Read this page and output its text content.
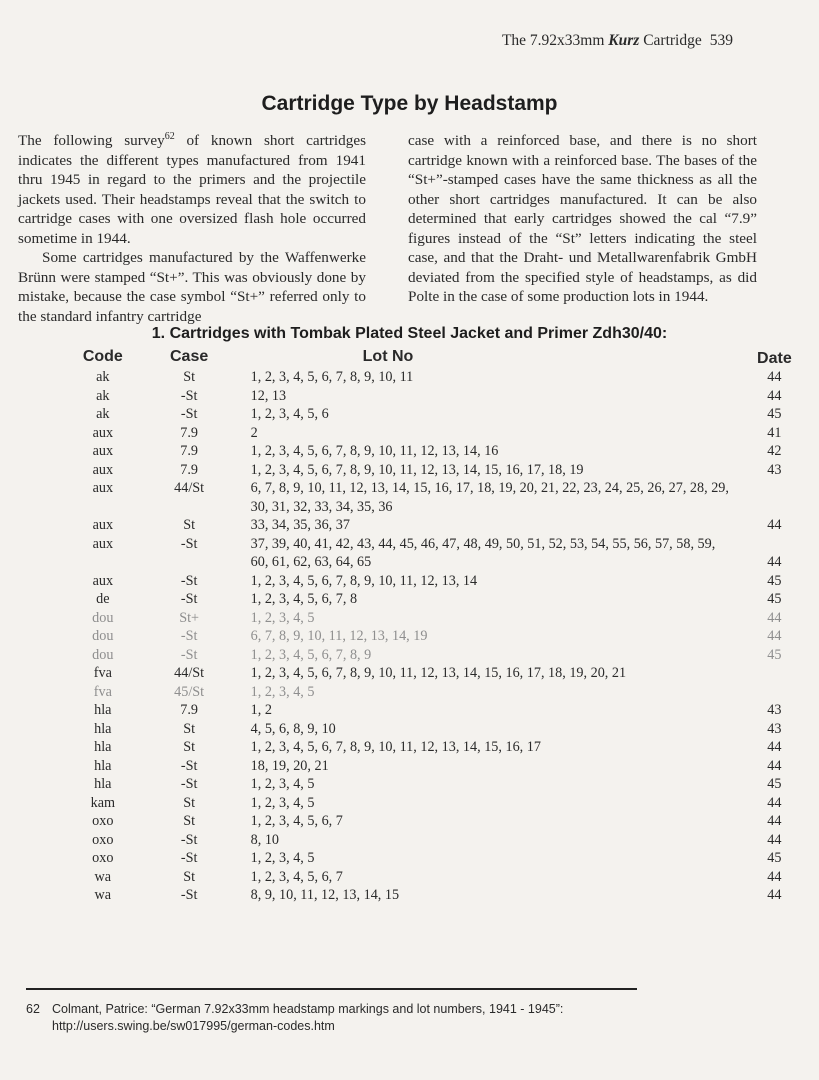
The 7.92x33mm Kurz Cartridge 539
Cartridge Type by Headstamp

The following survey$^{62}$ of known short cartridges indicates the different types manufactured from 1941 thru 1945 in regard to the primers and the projectile jackets used. Their headstamps reveal that the switch to cartridge cases with one oversized flash hole occurred sometime in 1944.

Some cartridges manufactured by the Waffenwerke Brünn were stamped “St+”. This was obviously done by mistake, because the case symbol “St+” referred only to the standard infantry cartridge

case with a reinforced base, and there is no short cartridge known with a reinforced base. The bases of the “St+”-stamped cases have the same thickness as all the other short cartridges manufactured. It can be also determined that early cartridges showed the cal “7.9” figures instead of the “St” letters indicating the steel case, and that the Draht- und Metallwarenfabrik GmbH deviated from the specified style of headstamps, as did Polte in the case of some production lots in 1944.

1. Cartridges with Tombak Plated Steel Jacket and Primer Zdh30/40:
Code	Case	Lot No	Date
ak	St	1, 2, 3, 4, 5, 6, 7, 8, 9, 10, 11	44
ak	-St	12, 13	44
ak	-St	1, 2, 3, 4, 5, 6	45
aux	7.9	2	41
aux	7.9	1, 2, 3, 4, 5, 6, 7, 8, 9, 10, 11, 12, 13, 14, 16	42
aux	7.9	1, 2, 3, 4, 5, 6, 7, 8, 9, 10, 11, 12, 13, 14, 15, 16, 17, 18, 19	43
aux	44/St	6, 7, 8, 9, 10, 11, 12, 13, 14, 15, 16, 17, 18, 19, 20, 21, 22, 23, 24, 25, 26, 27, 28, 29, 30, 31, 32, 33, 34, 35, 36	
aux	St	33, 34, 35, 36, 37	44
aux	-St	37, 39, 40, 41, 42, 43, 44, 45, 46, 47, 48, 49, 50, 51, 52, 53, 54, 55, 56, 57, 58, 59, 60, 61, 62, 63, 64, 65	44
aux	-St	1, 2, 3, 4, 5, 6, 7, 8, 9, 10, 11, 12, 13, 14	45
de	-St	1, 2, 3, 4, 5, 6, 7, 8	45
dou	St+	1, 2, 3, 4, 5	44
dou	-St	6, 7, 8, 9, 10, 11, 12, 13, 14, 19	44
dou	-St	1, 2, 3, 4, 5, 6, 7, 8, 9	45
fva	44/St	1, 2, 3, 4, 5, 6, 7, 8, 9, 10, 11, 12, 13, 14, 15, 16, 17, 18, 19, 20, 21	
fva	45/St	1, 2, 3, 4, 5	
hla	7.9	1, 2	43
hla	St	4, 5, 6, 8, 9, 10	43
hla	St	1, 2, 3, 4, 5, 6, 7, 8, 9, 10, 11, 12, 13, 14, 15, 16, 17	44
hla	-St	18, 19, 20, 21	44
hla	-St	1, 2, 3, 4, 5	45
kam	St	1, 2, 3, 4, 5	44
oxo	St	1, 2, 3, 4, 5, 6, 7	44
oxo	-St	8, 10	44
oxo	-St	1, 2, 3, 4, 5	45
wa	St	1, 2, 3, 4, 5, 6, 7	44
wa	-St	8, 9, 10, 11, 12, 13, 14, 15	44
62 Colmant, Patrice: “German 7.92x33mm headstamp markings and lot numbers, 1941 - 1945”: http://users.swing.be/sw017995/german-codes.htm
